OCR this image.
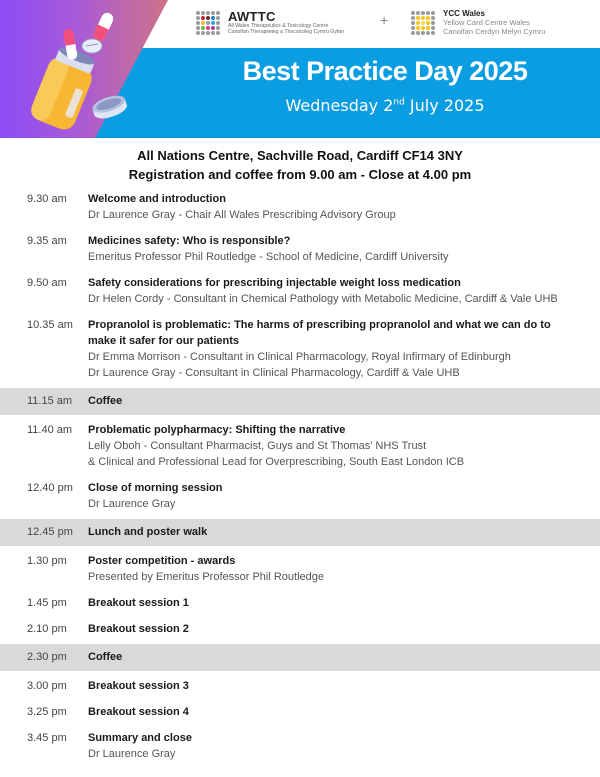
AWTTC
All Wales Therapeutics & Toxicology Centre
Canolfan Therapiwteg a Thocsicoleg Cymru Gyfan
+	YCC Wales
Yellow Card Centre Wales
Canolfan Cerdyn Melyn Cymru
Best Practice Day 2025
Wednesday 2nd July 2025
All Nations Centre, Sachville Road, Cardiff CF14 3NY
Registration and coffee from 9.00 am - Close at 4.00 pm
9.30 am	Welcome and introduction
Dr Laurence Gray - Chair All Wales Prescribing Advisory Group
9.35 am	Medicines safety: Who is responsible?
Emeritus Professor Phil Routledge - School of Medicine, Cardiff University
9.50 am	Safety considerations for prescribing injectable weight loss medication
Dr Helen Cordy - Consultant in Chemical Pathology with Metabolic Medicine, Cardiff & Vale UHB
10.35 am	Propranolol is problematic: The harms of prescribing propranolol and what we can do to make it safer for our patients
Dr Emma Morrison - Consultant in Clinical Pharmacology, Royal Infirmary of Edinburgh
Dr Laurence Gray - Consultant in Clinical Pharmacology, Cardiff & Vale UHB
11.15 am	Coffee
11.40 am	Problematic polypharmacy: Shifting the narrative
Lelly Oboh - Consultant Pharmacist, Guys and St Thomas' NHS Trust
& Clinical and Professional Lead for Overprescribing, South East London ICB
12.40 pm	Close of morning session
Dr Laurence Gray
12.45 pm	Lunch and poster walk
1.30 pm	Poster competition - awards
Presented by Emeritus Professor Phil Routledge
1.45 pm	Breakout session 1
2.10 pm	Breakout session 2
2.30 pm	Coffee
3.00 pm	Breakout session 3
3.25 pm	Breakout session 4
3.45 pm	Summary and close
Dr Laurence Gray
